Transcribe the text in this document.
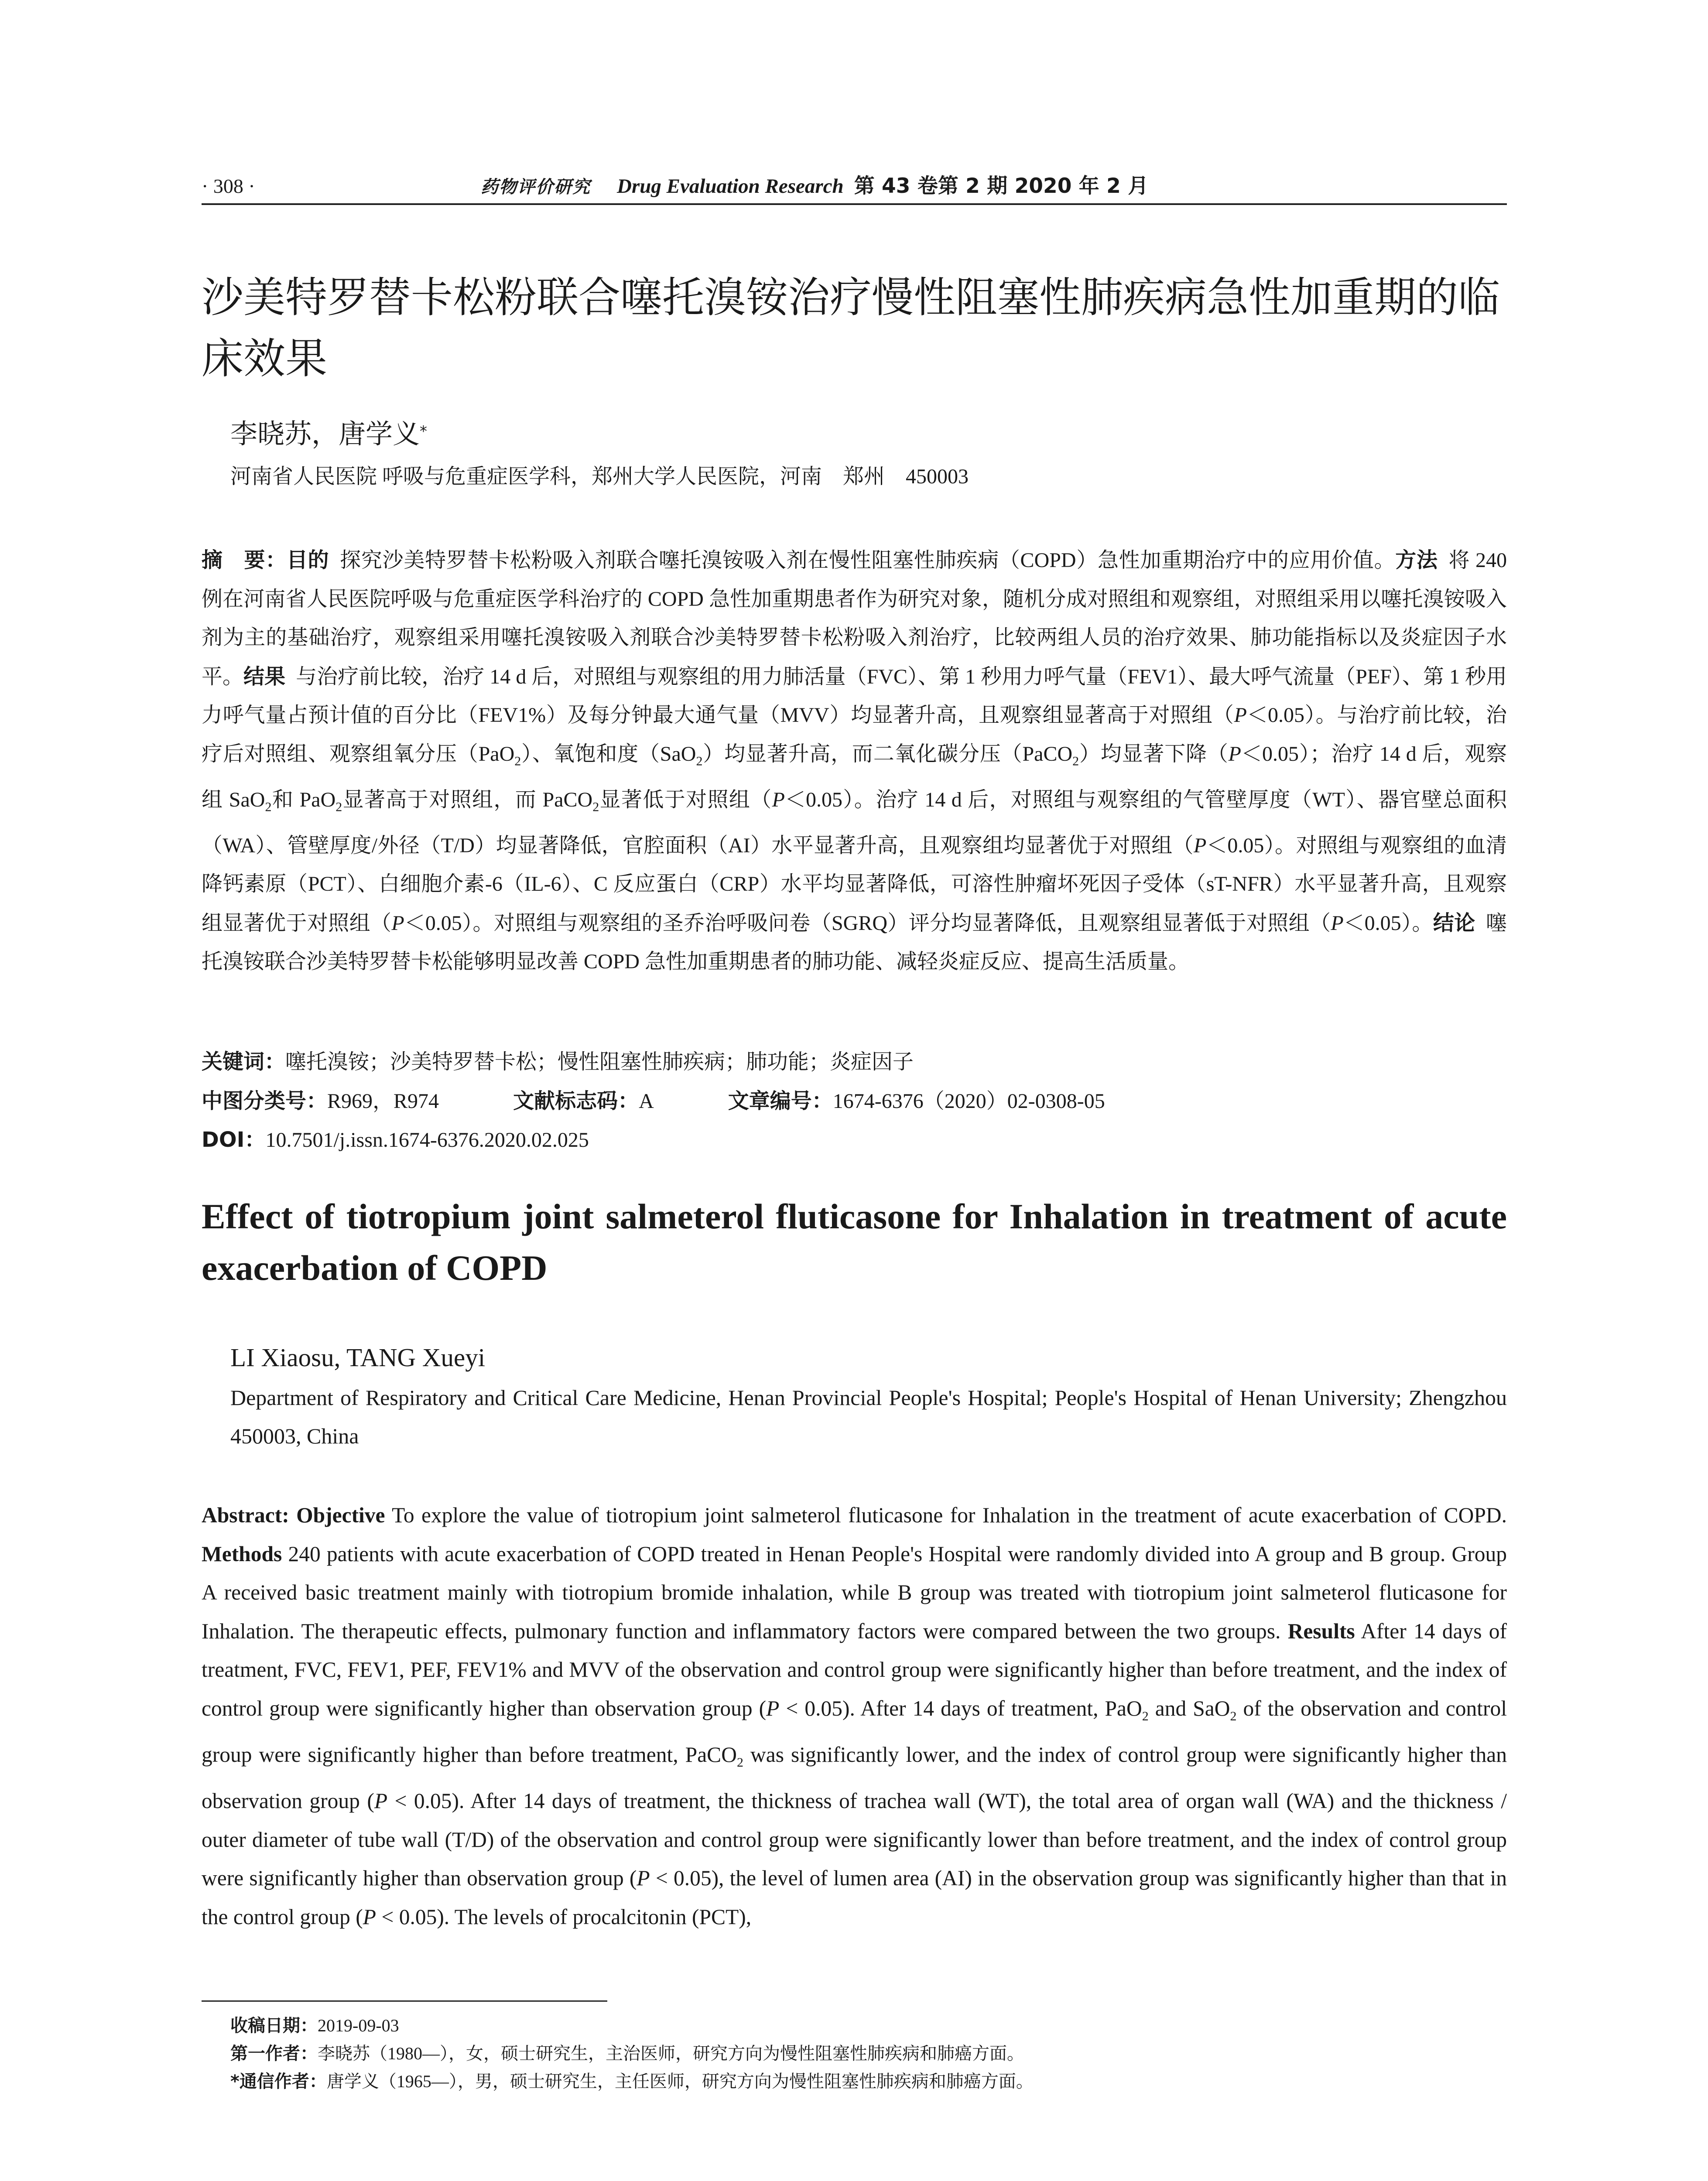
· 308 ·	药物评价研究 Drug Evaluation Research 第 43 卷第 2 期 2020 年 2 月
沙美特罗替卡松粉联合噻托溴铵治疗慢性阻塞性肺疾病急性加重期的临床效果
李晓苏，唐学义*
河南省人民医院 呼吸与危重症医学科，郑州大学人民医院，河南　郑州　450003
摘　要：目的  探究沙美特罗替卡松粉吸入剂联合噻托溴铵吸入剂在慢性阻塞性肺疾病（COPD）急性加重期治疗中的应用价值。方法  将 240 例在河南省人民医院呼吸与危重症医学科治疗的 COPD 急性加重期患者作为研究对象，随机分成对照组和观察组，对照组采用以噻托溴铵吸入剂为主的基础治疗，观察组采用噻托溴铵吸入剂联合沙美特罗替卡松粉吸入剂治疗，比较两组人员的治疗效果、肺功能指标以及炎症因子水平。结果  与治疗前比较，治疗 14 d 后，对照组与观察组的用力肺活量（FVC）、第 1 秒用力呼气量（FEV1）、最大呼气流量（PEF）、第 1 秒用力呼气量占预计值的百分比（FEV1%）及每分钟最大通气量（MVV）均显著升高，且观察组显著高于对照组（P＜0.05）。与治疗前比较，治疗后对照组、观察组氧分压（PaO$_2$）、氧饱和度（SaO$_2$）均显著升高，而二氧化碳分压（PaCO$_2$）均显著下降（P＜0.05）；治疗 14 d 后，观察组 SaO$_2$和 PaO$_2$显著高于对照组，而 PaCO$_2$显著低于对照组（P＜0.05）。治疗 14 d 后，对照组与观察组的气管壁厚度（WT）、器官壁总面积（WA）、管壁厚度/外径（T/D）均显著降低，官腔面积（AI）水平显著升高，且观察组均显著优于对照组（P＜0.05）。对照组与观察组的血清降钙素原（PCT）、白细胞介素-6（IL-6）、C 反应蛋白（CRP）水平均显著降低，可溶性肿瘤坏死因子受体（sT-NFR）水平显著升高，且观察组显著优于对照组（P＜0.05）。对照组与观察组的圣乔治呼吸问卷（SGRQ）评分均显著降低，且观察组显著低于对照组（P＜0.05）。结论  噻托溴铵联合沙美特罗替卡松能够明显改善 COPD 急性加重期患者的肺功能、减轻炎症反应、提高生活质量。
关键词：噻托溴铵；沙美特罗替卡松；慢性阻塞性肺疾病；肺功能；炎症因子
中图分类号：R969，R974	文献标志码：A	文章编号：1674-6376（2020）02-0308-05
DOI：10.7501/j.issn.1674-6376.2020.02.025
Effect of tiotropium joint salmeterol fluticasone for Inhalation in treatment of acute exacerbation of COPD
LI Xiaosu, TANG Xueyi
Department of Respiratory and Critical Care Medicine, Henan Provincial People's Hospital; People's Hospital of Henan University; Zhengzhou 450003, China
Abstract: Objective To explore the value of tiotropium joint salmeterol fluticasone for Inhalation in the treatment of acute exacerbation of COPD. Methods 240 patients with acute exacerbation of COPD treated in Henan People's Hospital were randomly divided into A group and B group. Group A received basic treatment mainly with tiotropium bromide inhalation, while B group was treated with tiotropium joint salmeterol fluticasone for Inhalation. The therapeutic effects, pulmonary function and inflammatory factors were compared between the two groups. Results After 14 days of treatment, FVC, FEV1, PEF, FEV1% and MVV of the observation and control group were significantly higher than before treatment, and the index of control group were significantly higher than observation group (P < 0.05). After 14 days of treatment, PaO$_2$ and SaO$_2$ of the observation and control group were significantly higher than before treatment, PaCO$_2$ was significantly lower, and the index of control group were significantly higher than observation group (P < 0.05). After 14 days of treatment, the thickness of trachea wall (WT), the total area of organ wall (WA) and the thickness / outer diameter of tube wall (T/D) of the observation and control group were significantly lower than before treatment, and the index of control group were significantly higher than observation group (P < 0.05), the level of lumen area (AI) in the observation group was significantly higher than that in the control group (P < 0.05). The levels of procalcitonin (PCT),
收稿日期：2019-09-03
第一作者：李晓苏（1980—），女，硕士研究生，主治医师，研究方向为慢性阻塞性肺疾病和肺癌方面。
*通信作者：唐学义（1965—），男，硕士研究生，主任医师，研究方向为慢性阻塞性肺疾病和肺癌方面。
